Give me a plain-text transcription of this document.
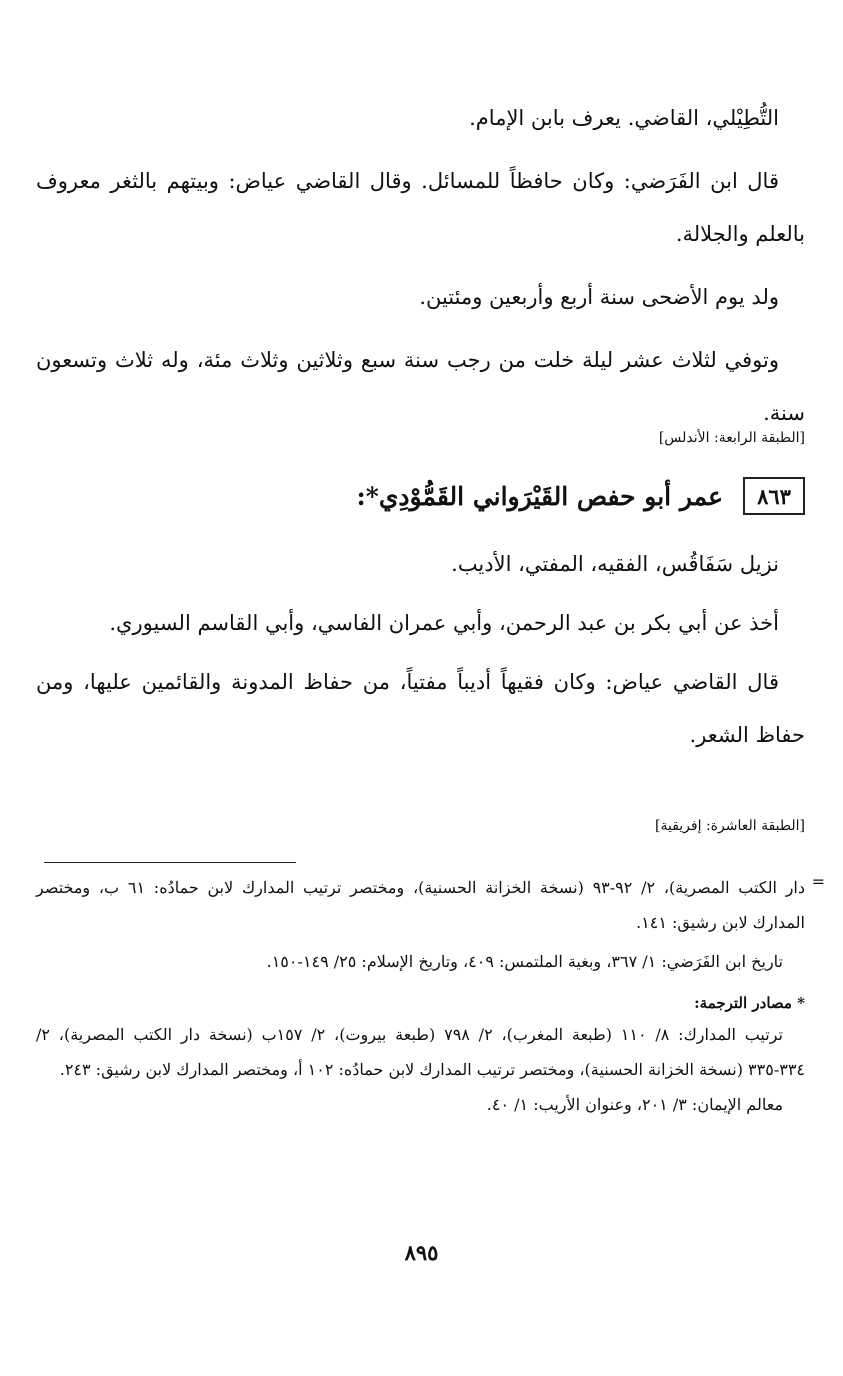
التُّطِيْلي، القاضي. يعرف بابن الإمام.

قال ابن الفَرَضي: وكان حافظاً للمسائل. وقال القاضي عياض: وبيتهم بالثغر معروف بالعلم والجلالة.

ولد يوم الأضحى سنة أربع وأربعين ومئتين.

وتوفي لثلاث عشر ليلة خلت من رجب سنة سبع وثلاثين وثلاث مئة، وله ثلاث وتسعون سنة.

[الطبقة الرابعة: الأندلس]

٨٦٣
عمر أبو حفص القَيْرَواني القَمُّوْدِي*:

نزيل سَفَاقُس، الفقيه، المفتي، الأديب.

أخذ عن أبي بكر بن عبد الرحمن، وأبي عمران الفاسي، وأبي القاسم السيوري.

قال القاضي عياض: وكان فقيهاً أديباً مفتياً، من حفاظ المدونة والقائمين عليها، ومن حفاظ الشعر.

[الطبقة العاشرة: إفريقية]

=

دار الكتب المصرية)، ٢/ ٩٢-٩٣ (نسخة الخزانة الحسنية)، ومختصر ترتيب المدارك لابن حمادُه: ٦١ ب، ومختصر المدارك لابن رشيق: ١٤١.

تاريخ ابن الفَرَضي: ١/ ٣٦٧، وبغية الملتمس: ٤٠٩، وتاريخ الإسلام: ٢٥/ ١٤٩-١٥٠.

* مصادر الترجمة:

ترتيب المدارك: ٨/ ١١٠ (طبعة المغرب)، ٢/ ٧٩٨ (طبعة بيروت)، ٢/ ١٥٧ب (نسخة دار الكتب المصرية)، ٢/ ٣٣٤-٣٣٥ (نسخة الخزانة الحسنية)، ومختصر ترتيب المدارك لابن حمادُه: ١٠٢ أ، ومختصر المدارك لابن رشيق: ٢٤٣.

معالم الإيمان: ٣/ ٢٠١، وعنوان الأريب: ١/ ٤٠.

٨٩٥
